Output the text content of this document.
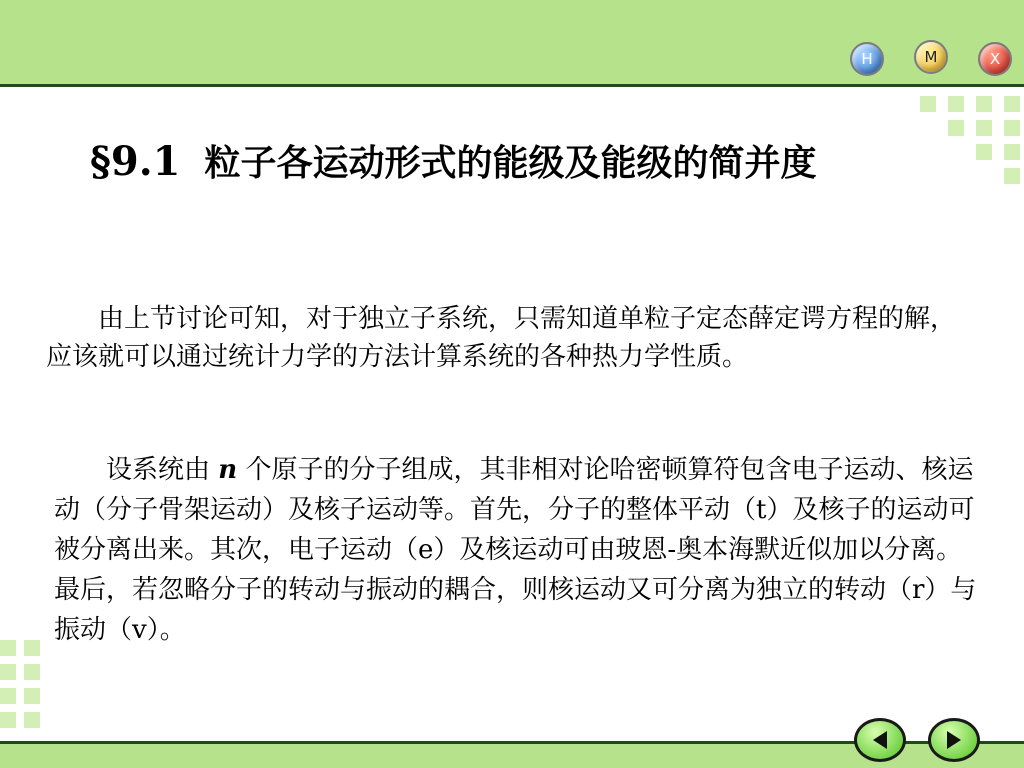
H	M	X
§9.1 粒子各运动形式的能级及能级的简并度
由上节讨论可知，对于独立子系统，只需知道单粒子定态薛定谔方程的解，应该就可以通过统计力学的方法计算系统的各种热力学性质。
设系统由 n 个原子的分子组成，其非相对论哈密顿算符包含电子运动、核运动（分子骨架运动）及核子运动等。首先，分子的整体平动（t）及核子的运动可被分离出来。其次，电子运动（e）及核运动可由玻恩-奥本海默近似加以分离。最后，若忽略分子的转动与振动的耦合，则核运动又可分离为独立的转动（r）与振动（v）。
